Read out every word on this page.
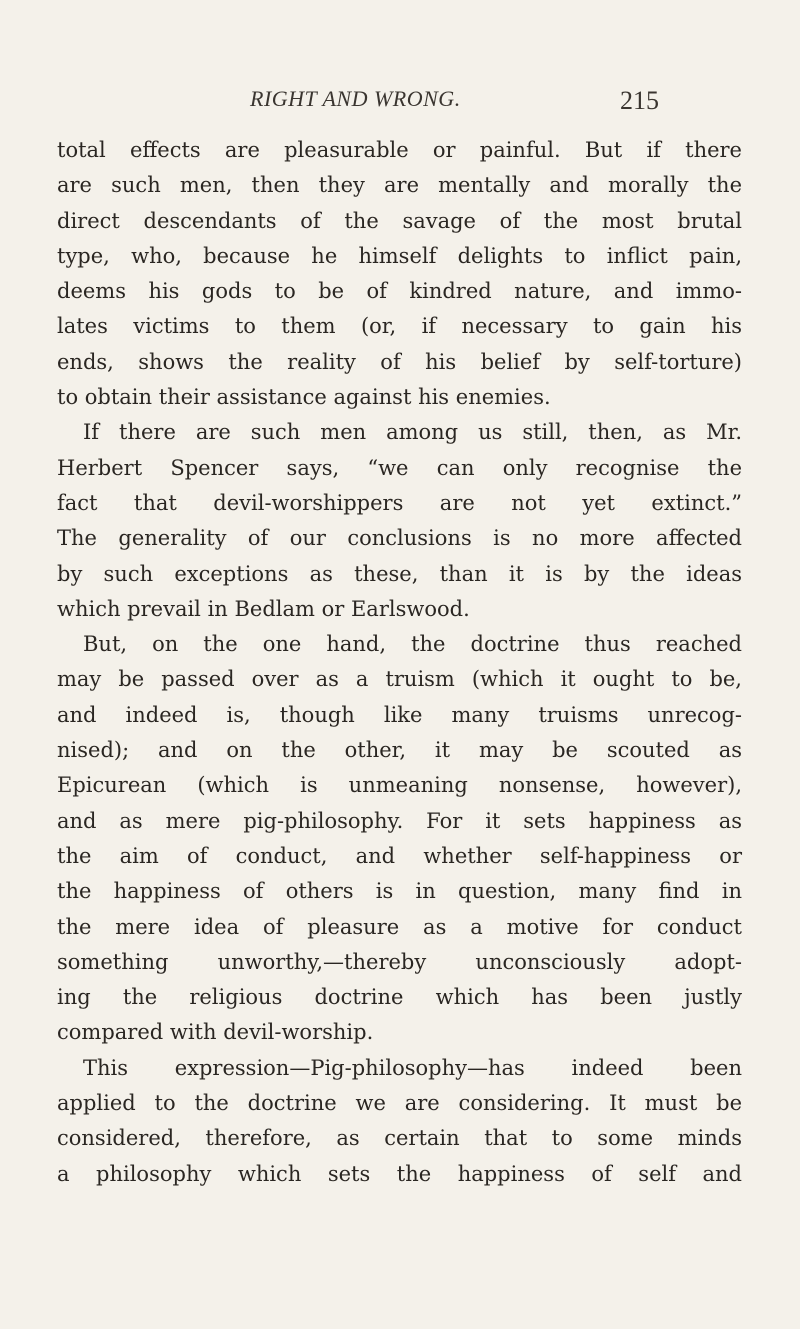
RIGHT AND WRONG.	215
total effects are pleasurable or painful. But if there
are such men, then they are mentally and morally the
direct descendants of the savage of the most brutal
type, who, because he himself delights to inflict pain,
deems his gods to be of kindred nature, and immo-
lates victims to them (or, if necessary to gain his
ends, shows the reality of his belief by self-torture)
to obtain their assistance against his enemies.
If there are such men among us still, then, as Mr.
Herbert Spencer says, “we can only recognise the
fact that devil-worshippers are not yet extinct.”
The generality of our conclusions is no more affected
by such exceptions as these, than it is by the ideas
which prevail in Bedlam or Earlswood.
But, on the one hand, the doctrine thus reached
may be passed over as a truism (which it ought to be,
and indeed is, though like many truisms unrecog-
nised); and on the other, it may be scouted as
Epicurean (which is unmeaning nonsense, however),
and as mere pig-philosophy. For it sets happiness as
the aim of conduct, and whether self-happiness or
the happiness of others is in question, many find in
the mere idea of pleasure as a motive for conduct
something unworthy,—thereby unconsciously adopt-
ing the religious doctrine which has been justly
compared with devil-worship.
This expression—Pig-philosophy—has indeed been
applied to the doctrine we are considering. It must be
considered, therefore, as certain that to some minds
a philosophy which sets the happiness of self and
